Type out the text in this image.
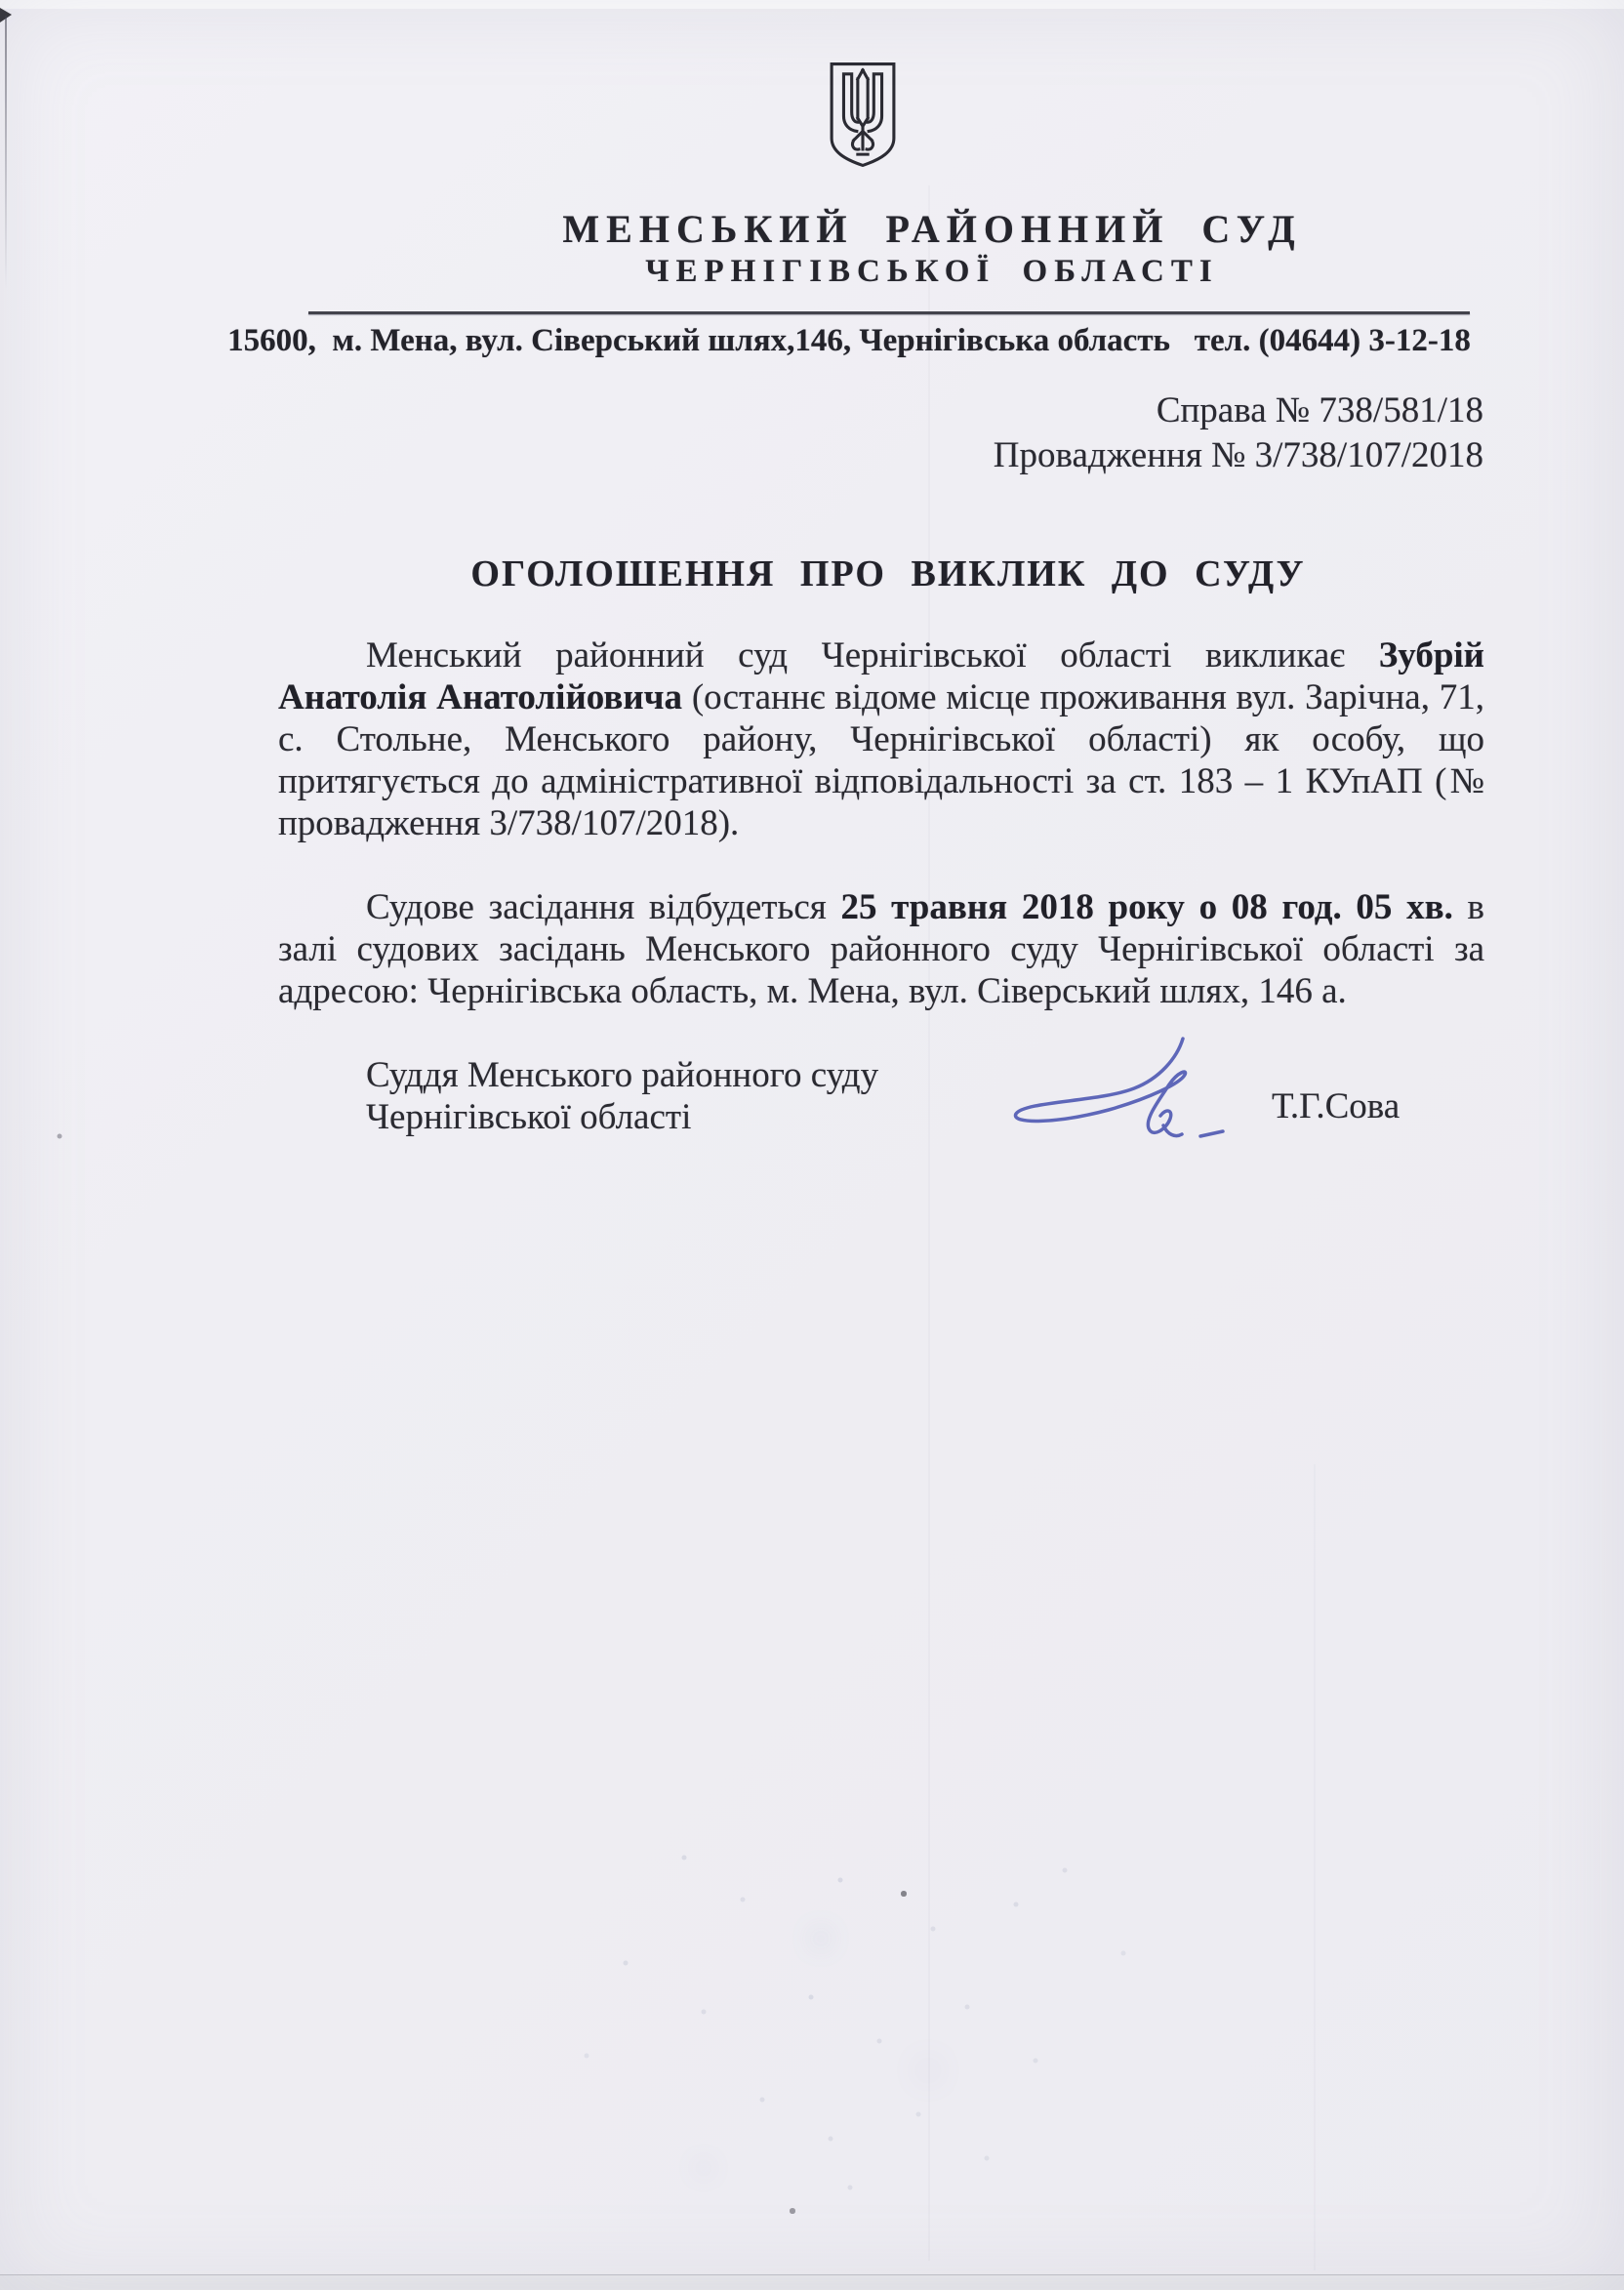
МЕНСЬКИЙ РАЙОННИЙ СУД
ЧЕРНІГІВСЬКОЇ ОБЛАСТІ
15600,  м. Мена, вул. Сіверський шлях,146, Чернігівська область   тел. (04644) 3-12-18
Справа № 738/581/18
Провадження № 3/738/107/2018
ОГОЛОШЕННЯ ПРО ВИКЛИК ДО СУДУ
Менський районний суд Чернігівської області викликає Зубрій Анатолія Анатолійовича (останнє відоме місце проживання вул. Зарічна, 71, с. Стольне, Менського району, Чернігівської області) як особу, що притягується до адміністративної відповідальності за ст. 183 – 1 КУпАП (№ провадження 3/738/107/2018).
Судове засідання відбудеться 25 травня 2018 року о 08 год. 05 хв. в залі судових засідань Менського районного суду Чернігівської області за адресою: Чернігівська область, м. Мена, вул. Сіверський шлях, 146 а.
Суддя Менського районного суду
Чернігівської області	Т.Г.Сова
